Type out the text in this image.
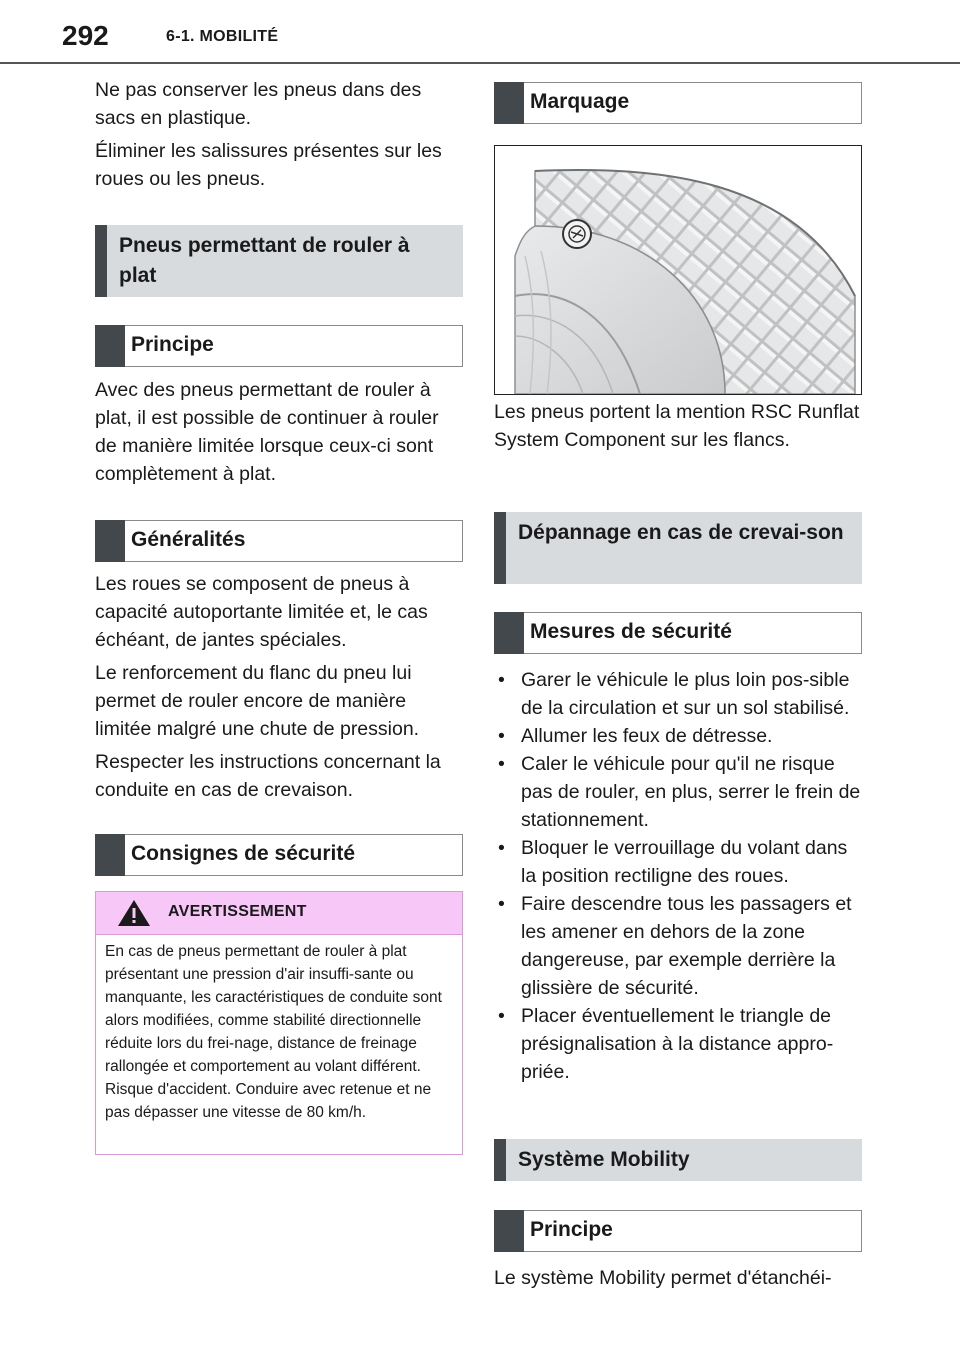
292	6-1. MOBILITÉ

Ne pas conserver les pneus dans des sacs en plastique.

Éliminer les salissures présentes sur les roues ou les pneus.

Pneus permettant de rouler à plat
Principe

Avec des pneus permettant de rouler à plat, il est possible de continuer à rouler de manière limitée lorsque ceux-ci sont complètement à plat.

Généralités

Les roues se composent de pneus à capacité autoportante limitée et, le cas échéant, de jantes spéciales.

Le renforcement du flanc du pneu lui permet de rouler encore de manière limitée malgré une chute de pression.

Respecter les instructions concernant la conduite en cas de crevaison.

Consignes de sécurité
AVERTISSEMENT

En cas de pneus permettant de rouler à plat présentant une pression d'air insuffi-sante ou manquante, les caractéristiques de conduite sont alors modifiées, comme stabilité directionnelle réduite lors du frei-nage, distance de freinage rallongée et comportement au volant différent. Risque d'accident. Conduire avec retenue et ne pas dépasser une vitesse de 80 km/h.

Marquage

Les pneus portent la mention RSC Runflat System Component sur les flancs.

Dépannage en cas de crevai-son
Mesures de sécurité
• Garer le véhicule le plus loin pos-sible de la circulation et sur un sol stabilisé.
• Allumer les feux de détresse.
• Caler le véhicule pour qu'il ne risque pas de rouler, en plus, serrer le frein de stationnement.
• Bloquer le verrouillage du volant dans la position rectiligne des roues.
• Faire descendre tous les passagers et les amener en dehors de la zone dangereuse, par exemple derrière la glissière de sécurité.
• Placer éventuellement le triangle de présignalisation à la distance appro-priée.
Système Mobility
Principe

Le système Mobility permet d'étanchéi-
